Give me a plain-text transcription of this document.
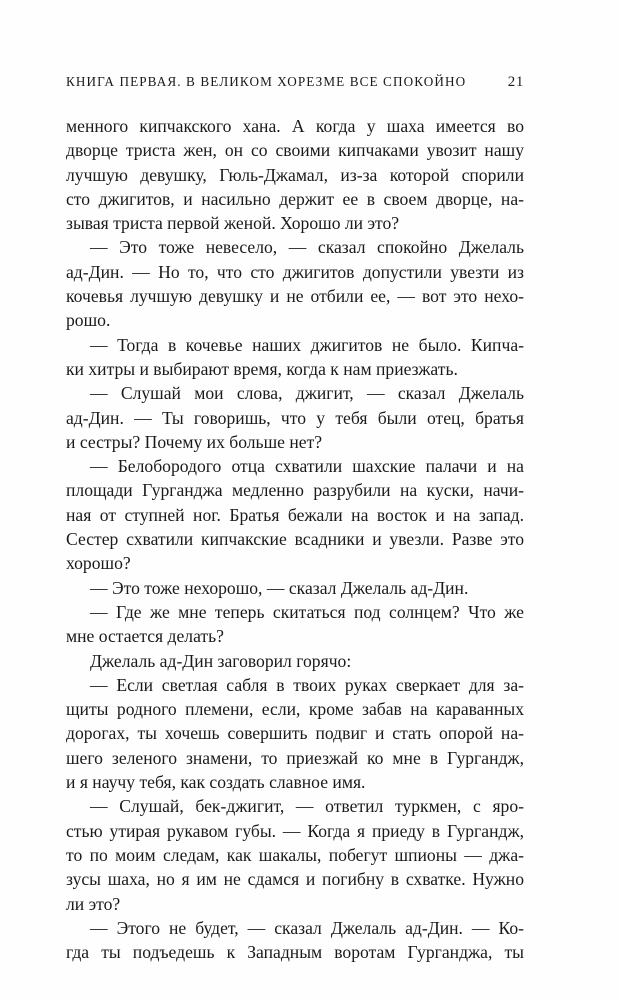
КНИГА ПЕРВАЯ. В ВЕЛИКОМ ХОРЕЗМЕ ВСЕ СПОКОЙНО	21
менного кипчакского хана. А когда у шаха имеется во
дворце триста жен, он со своими кипчаками увозит нашу
лучшую девушку, Гюль-Джамал, из-за которой спорили
сто джигитов, и насильно держит ее в своем дворце, на-
зывая триста первой женой. Хорошо ли это?
— Это тоже невесело, — сказал спокойно Джелаль
ад-Дин. — Но то, что сто джигитов допустили увезти из
кочевья лучшую девушку и не отбили ее, — вот это нехо-
рошо.
— Тогда в кочевье наших джигитов не было. Кипча-
ки хитры и выбирают время, когда к нам приезжать.
— Слушай мои слова, джигит, — сказал Джелаль
ад-Дин. — Ты говоришь, что у тебя были отец, братья
и сестры? Почему их больше нет?
— Белобородого отца схватили шахские палачи и на
площади Гурганджа медленно разрубили на куски, начи-
ная от ступней ног. Братья бежали на восток и на запад.
Сестер схватили кипчакские всадники и увезли. Разве это
хорошо?
— Это тоже нехорошо, — сказал Джелаль ад-Дин.
— Где же мне теперь скитаться под солнцем? Что же
мне остается делать?
Джелаль ад-Дин заговорил горячо:
— Если светлая сабля в твоих руках сверкает для за-
щиты родного племени, если, кроме забав на караванных
дорогах, ты хочешь совершить подвиг и стать опорой на-
шего зеленого знамени, то приезжай ко мне в Гургандж,
и я научу тебя, как создать славное имя.
— Слушай, бек-джигит, — ответил туркмен, с яро-
стью утирая рукавом губы. — Когда я приеду в Гургандж,
то по моим следам, как шакалы, побегут шпионы — джа-
зусы шаха, но я им не сдамся и погибну в схватке. Нужно
ли это?
— Этого не будет, — сказал Джелаль ад-Дин. — Ко-
гда ты подъедешь к Западным воротам Гурганджа, ты
